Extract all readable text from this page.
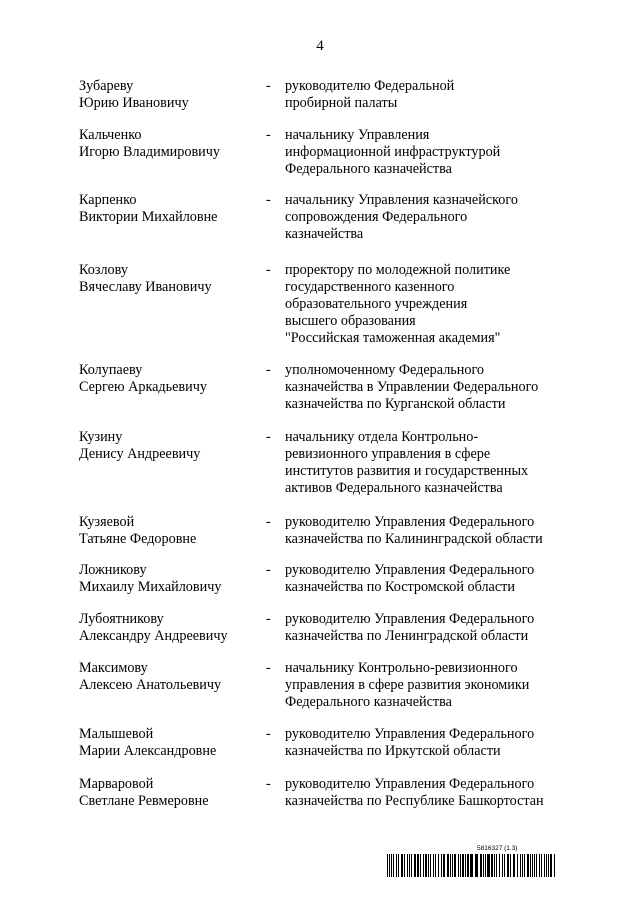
4
Зубареву
Юрию Ивановичу
-	руководителю Федеральной
пробирной палаты
Кальченко
Игорю Владимировичу
-	начальнику Управления
информационной инфраструктурой
Федерального казначейства
Карпенко
Виктории Михайловне
-	начальнику Управления казначейского
сопровождения Федерального
казначейства
Козлову
Вячеславу Ивановичу
-	проректору по молодежной политике
государственного казенного
образовательного учреждения
высшего образования
"Российская таможенная академия"
Колупаеву
Сергею Аркадьевичу
-	уполномоченному Федерального
казначейства в Управлении Федерального
казначейства по Курганской области
Кузину
Денису Андреевичу
-	начальнику отдела Контрольно-
ревизионного управления в сфере
институтов развития и государственных
активов Федерального казначейства
Кузяевой
Татьяне Федоровне
-	руководителю Управления Федерального
казначейства по Калининградской области
Ложникову
Михаилу Михайловичу
-	руководителю Управления Федерального
казначейства по Костромской области
Лубоятникову
Александру Андреевичу
-	руководителю Управления Федерального
казначейства по Ленинградской области
Максимову
Алексею Анатольевичу
-	начальнику Контрольно-ревизионного
управления в сфере развития экономики
Федерального казначейства
Малышевой
Марии Александровне
-	руководителю Управления Федерального
казначейства по Иркутской области
Марваровой
Светлане Ревмеровне
-	руководителю Управления Федерального
казначейства по Республике Башкортостан
5816327 (1.3)
